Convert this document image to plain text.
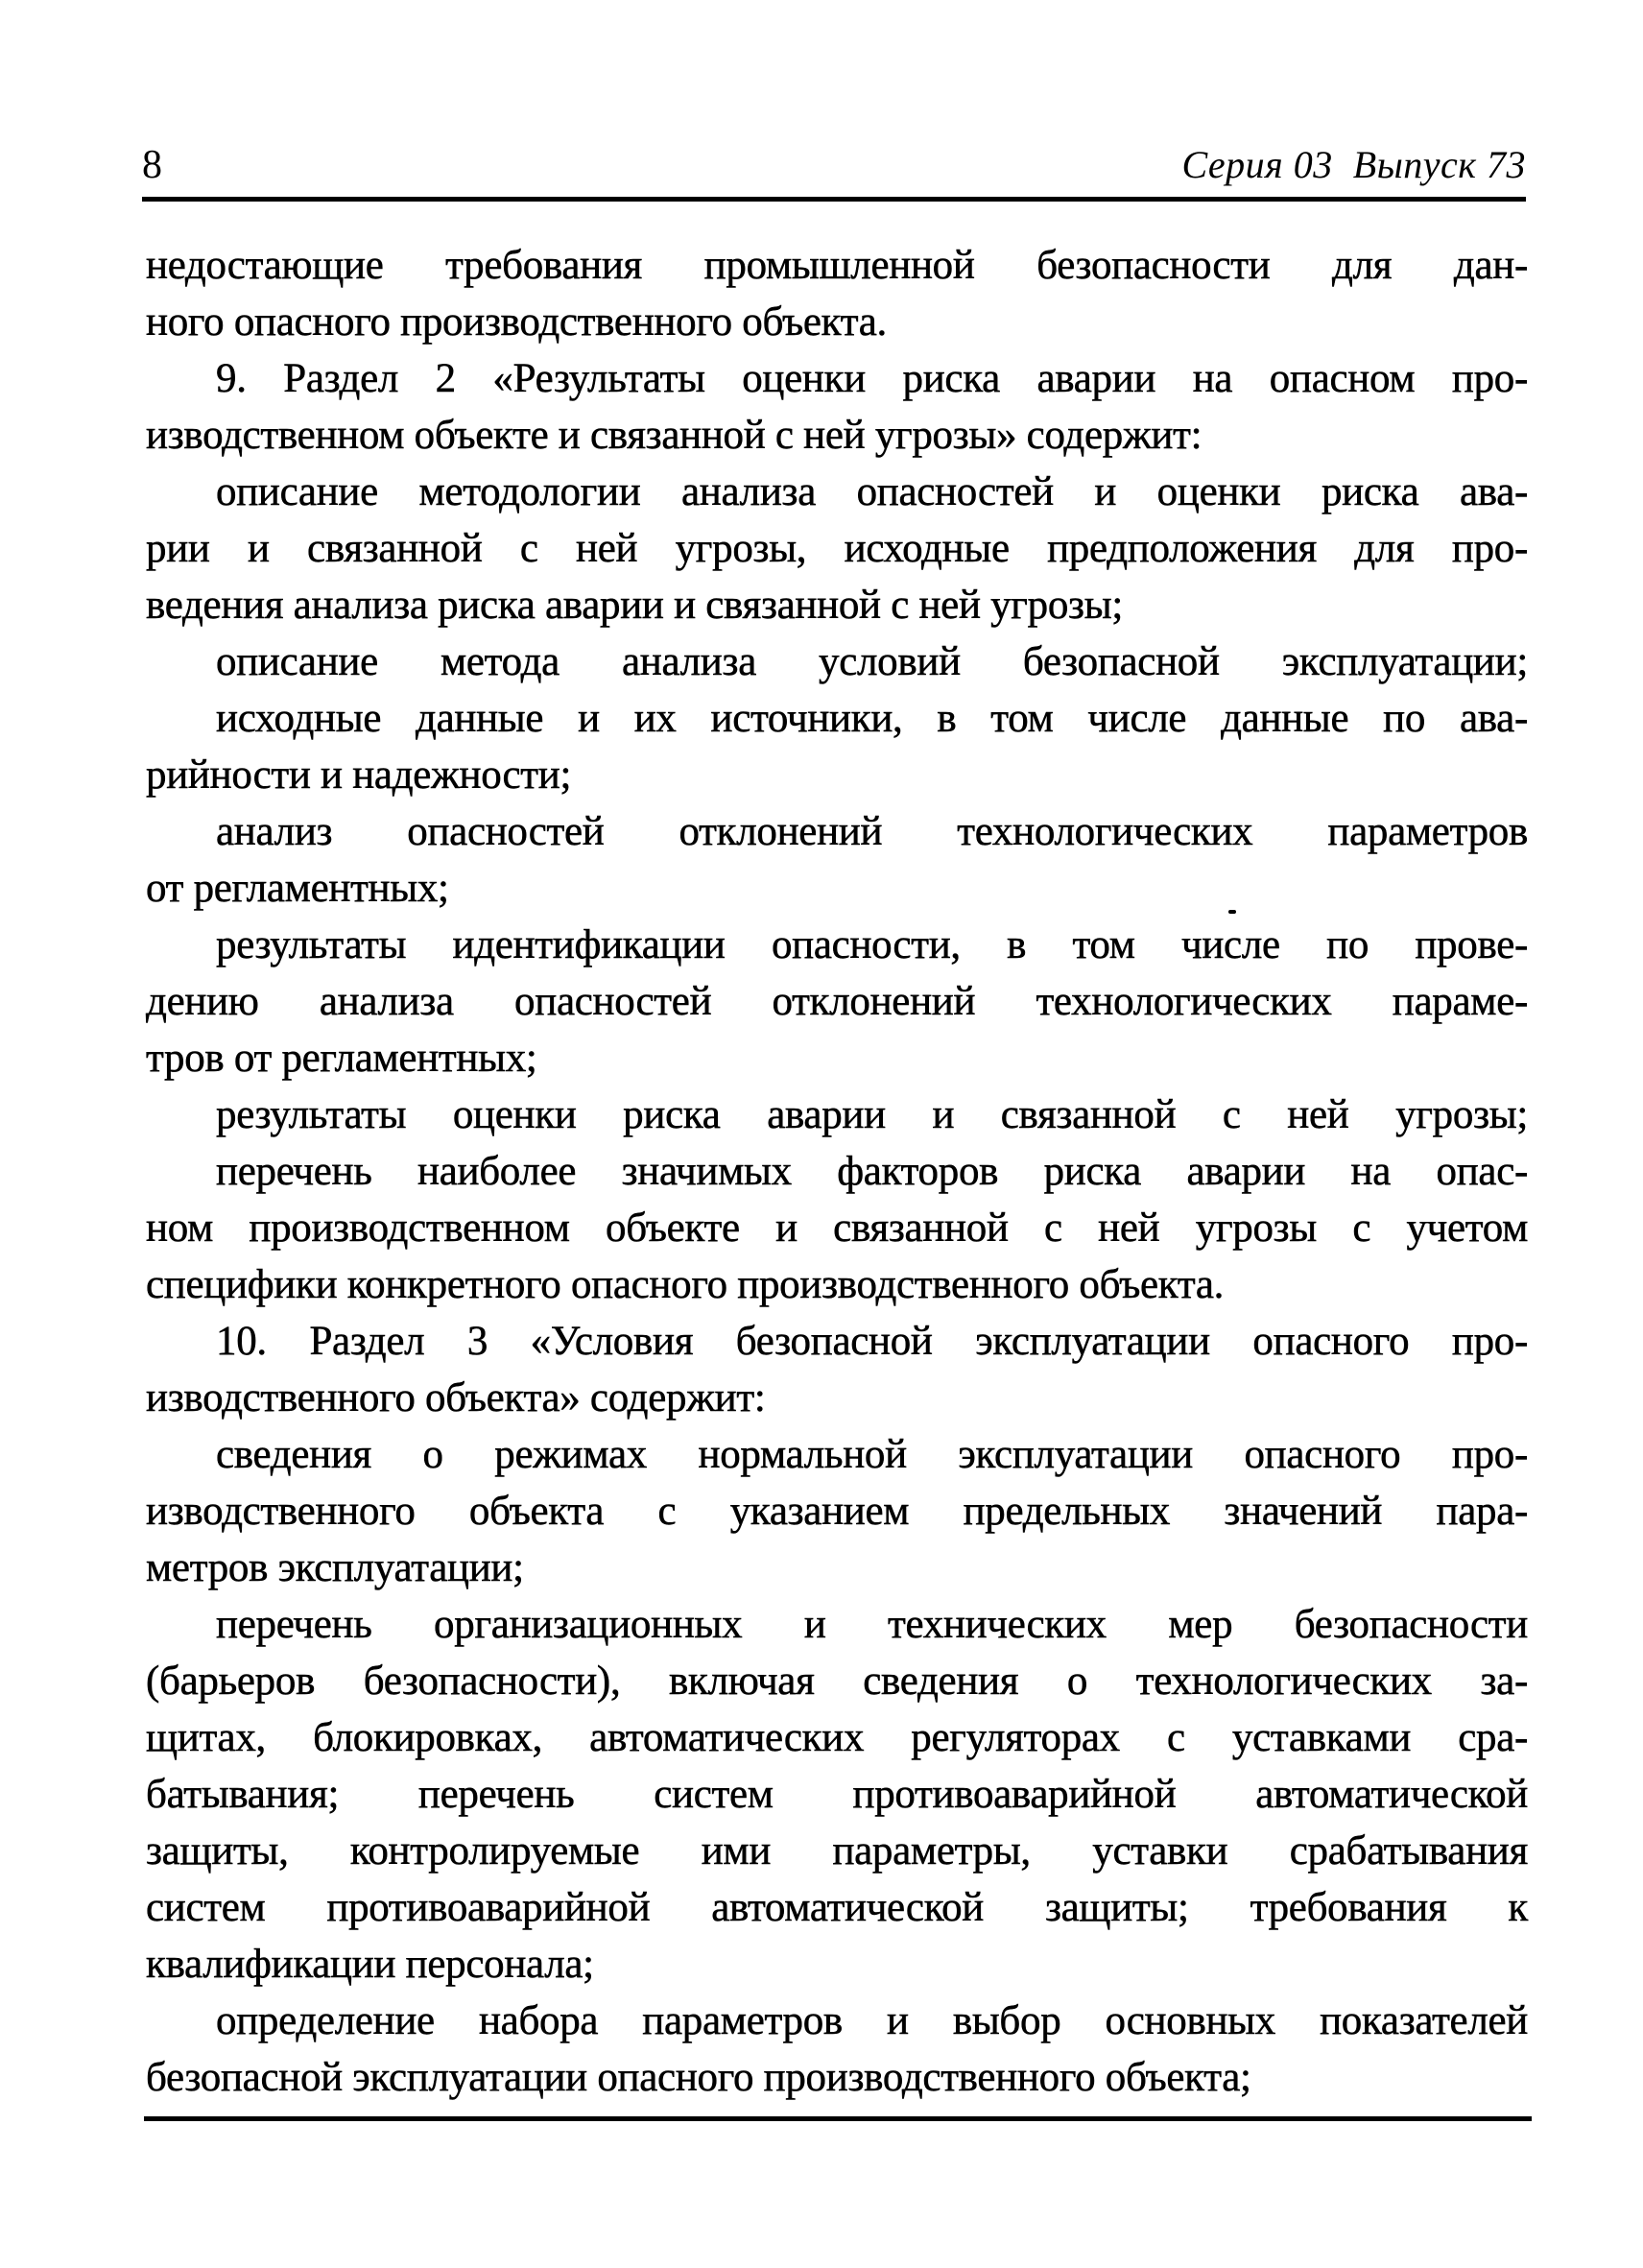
8	Серия 03  Выпуск 73
недостающие требования промышленной безопасности для дан-
ного опасного производственного объекта.
9. Раздел 2 «Результаты оценки риска аварии на опасном про-
изводственном объекте и связанной с ней угрозы» содержит:
описание методологии анализа опасностей и оценки риска ава-
рии и связанной с ней угрозы, исходные предположения для про-
ведения анализа риска аварии и связанной с ней угрозы;
описание метода анализа условий безопасной эксплуатации;
исходные данные и их источники, в том числе данные по ава-
рийности и надежности;
анализ опасностей отклонений технологических параметров
от регламентных;
результаты идентификации опасности, в том числе по прове-
дению анализа опасностей отклонений технологических параме-
тров от регламентных;
результаты оценки риска аварии и связанной с ней угрозы;
перечень наиболее значимых факторов риска аварии на опас-
ном производственном объекте и связанной с ней угрозы с учетом
специфики конкретного опасного производственного объекта.
10. Раздел 3 «Условия безопасной эксплуатации опасного про-
изводственного объекта» содержит:
сведения о режимах нормальной эксплуатации опасного про-
изводственного объекта с указанием предельных значений пара-
метров эксплуатации;
перечень организационных и технических мер безопасности
(барьеров безопасности), включая сведения о технологических за-
щитах, блокировках, автоматических регуляторах с уставками сра-
батывания; перечень систем противоаварийной автоматической
защиты, контролируемые ими параметры, уставки срабатывания
систем противоаварийной автоматической защиты; требования к
квалификации персонала;
определение набора параметров и выбор основных показателей
безопасной эксплуатации опасного производственного объекта;
